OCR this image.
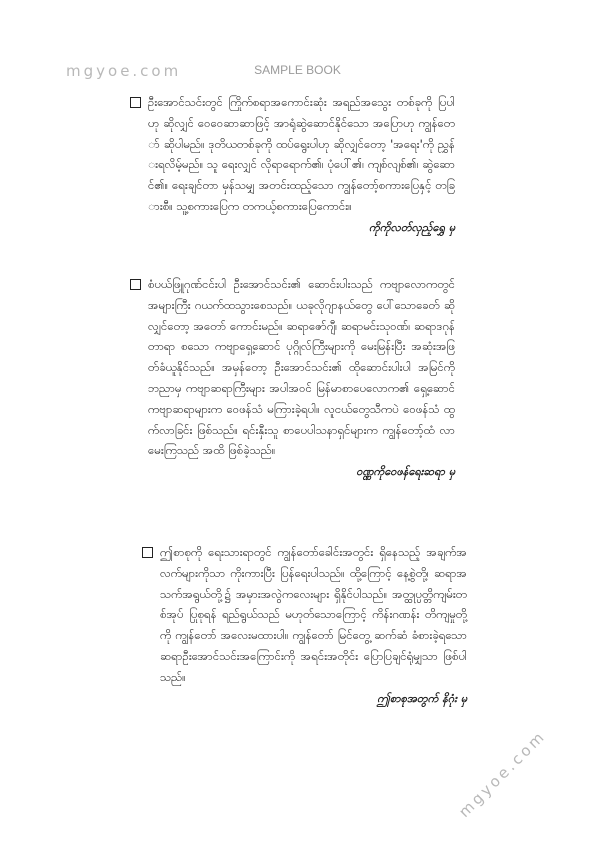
mgyoe.com	SAMPLE BOOK
ဦးအောင်သင်းတွင် ကြိုက်စရာအကောင်းဆုံး အရည်အသွေး တစ်ခုကို ပြပါဟု ဆိုလျှင် ဝေဝေဆာဆာဖြင့် အာရုံဆွဲဆောင်နိုင်သော အပြောဟု ကျွန်တော် ဆိုပါမည်။ ဒုတိယတစ်ခုကို ထပ်ရွေးပါဟု ဆိုလျှင်တော့ 'အရေး'ကို ညွှန်းရလိမ့်မည်။ သူ ရေးလျှင် လိုရာရောက်၏၊ ပုံပေါ်၏၊ ကျစ်လျစ်၏၊ ဆွဲဆောင်၏။ ရေးချင်တာ မှန်သမျှ အတင်းထည့်သော ကျွန်တော့်စကားပြေနှင့် တခြားစီ။ သူ့စကားပြေက တကယ့်စကားပြေကောင်း။
ကိုကိုလတ်လှည့်ရွှေ မှ
စံပယ်ဖြူဂုဏ်ငင်းပါ ဦးအောင်သင်း၏ ဆောင်းပါးသည် ကဗျာလောကတွင် အများကြီး ဂယက်ထသွားစေသည်။ ယခုလိုဂျာနယ်တွေ ပေါ်သောခေတ် ဆိုလျှင်တော့ အတော် ကောင်းမည်။ ဆရာဇော်ဂျီ၊ ဆရာမင်းသုဝဏ်၊ ဆရာဒဂုန်တာရာ စသော ကဗျာရှေ့ဆောင် ပုဂ္ဂိုလ်ကြီးများကို မေးမြန်းပြီး အဆုံးအဖြတ်ခံယူနိုင်သည်။ အမှန်တော့ ဦးအောင်သင်း၏ ထိုဆောင်းပါးပါ အမြင်ကို ဘညာမှ ကဗျာဆရာကြီးများ အပါအဝင် မြန်မာစာပေလောက၏ ရှေ့ဆောင်ကဗျာဆရာများက ဝေဖန်သံ မကြားခဲ့ရပါ။ လူငယ်တွေသီကပဲ ဝေဖန်သံ ထွက်လာခြင်း ဖြစ်သည်။ ရင်းနှီးသူ စာပေပါသနာရှင်များက ကျွန်တော့်ထံ လာမေးကြသည် အထိ ဖြစ်ခဲ့သည်။
ဝဏ္ဏကိုဝေဖန်ရေးဆရာ မှ
ဤစာစုကို ရေးသားရာတွင် ကျွန်တော်ခေါင်းအတွင်း ရှိနေသည့် အချက်အလက်များကိုသာ ကိုးကားပြီး ပြန်ရေးပါသည်။ ထို့ကြောင့် နေ့စွဲတို့၊ ဆရာအသက်အရွယ်တို့၌ အမှားအလွဲကလေးများ ရှိနိုင်ပါသည်။ အတ္ထုပ္ပတ္တိကျမ်းတစ်အုပ် ပြုစုရန် ရည်ရွယ်သည် မဟုတ်သောကြောင့် ကိန်းဂဏန်း တိကျမှုတို့ကို ကျွန်တော် အလေးမထားပါ။ ကျွန်တော် မြင်တွေ့ ဆက်ဆံ ခံစားခဲ့ရသော ဆရာဦးအောင်သင်းအကြောင်းကို အရင်းအတိုင်း ပြောပြချင်ရုံမျှသာ ဖြစ်ပါသည်။
ဤစာစုအတွက် နိဂုံး မှ
mgyoe.com
